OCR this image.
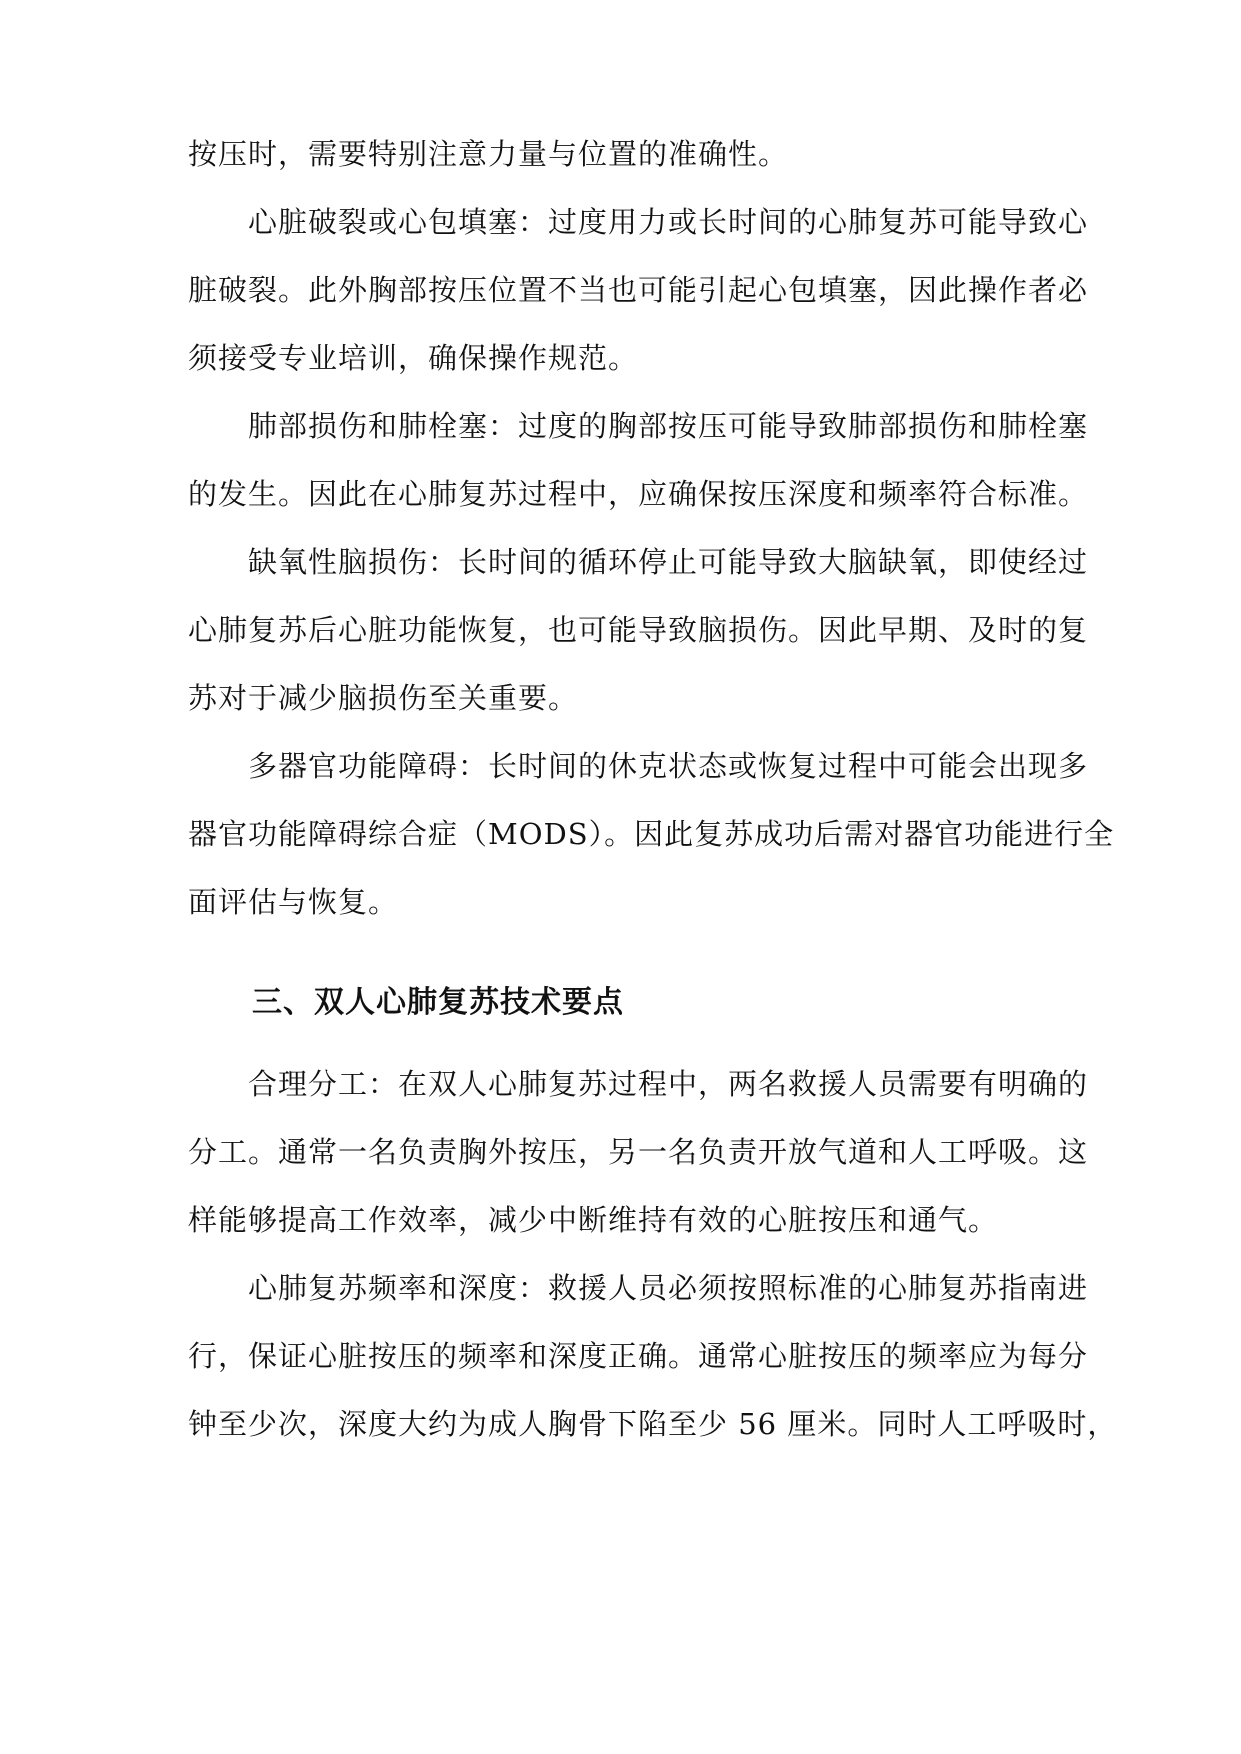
按压时，需要特别注意力量与位置的准确性。
心脏破裂或心包填塞：过度用力或长时间的心肺复苏可能导致心
脏破裂。此外胸部按压位置不当也可能引起心包填塞，因此操作者必
须接受专业培训，确保操作规范。
肺部损伤和肺栓塞：过度的胸部按压可能导致肺部损伤和肺栓塞
的发生。因此在心肺复苏过程中，应确保按压深度和频率符合标准。
缺氧性脑损伤：长时间的循环停止可能导致大脑缺氧，即使经过
心肺复苏后心脏功能恢复，也可能导致脑损伤。因此早期、及时的复
苏对于减少脑损伤至关重要。
多器官功能障碍：长时间的休克状态或恢复过程中可能会出现多
器官功能障碍综合症（MODS）。因此复苏成功后需对器官功能进行全
面评估与恢复。
三、双人心肺复苏技术要点
合理分工：在双人心肺复苏过程中，两名救援人员需要有明确的
分工。通常一名负责胸外按压，另一名负责开放气道和人工呼吸。这
样能够提高工作效率，减少中断维持有效的心脏按压和通气。
心肺复苏频率和深度：救援人员必须按照标准的心肺复苏指南进
行，保证心脏按压的频率和深度正确。通常心脏按压的频率应为每分
钟至少次，深度大约为成人胸骨下陷至少 56 厘米。同时人工呼吸时，
